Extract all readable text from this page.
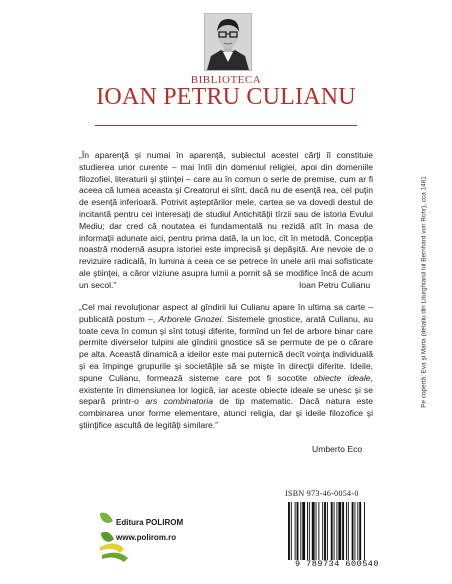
BIBLIOTECA
IOAN PETRU CULIANU

„În aparenţă şi numai în aparenţă, subiectul acestei cărţi îl constituie studierea unor curente – mai întîi din domeniul religiei, apoi din domeniile filozofiei, literaturii şi ştiinţei – care au în comun o serie de premise, cum ar fi aceea că lumea aceasta şi Creatorul ei sînt, dacă nu de esenţă rea, cel puţin de esenţă inferioară. Potrivit aşteptărilor mele, cartea se va dovedi destul de incitantă pentru cei interesaţi de studiul Antichităţii tîrzii sau de istoria Evului Mediu; dar cred că noutatea ei fundamentală nu rezidă atît în masa de informaţii adunate aici, pentru prima dată, la un loc, cît în metodă. Concepţia noastră modernă asupra istoriei este imprecisă şi depăşită. Are nevoie de o revizuire radicală, în lumina a ceea ce se petrece în unele arii mai sofisticate ale ştiinţei, a căror viziune asupra lumii a pornit să se modifice încă de acum un secol.”	Ioan Petru Culianu

„Cel mai revoluţionar aspect al gîndirii lui Culianu apare în ultima sa carte – publicată postum –, Arborele Gnozei. Sistemele gnostice, arată Culianu, au toate ceva în comun şi sînt totuşi diferite, formînd un fel de arbore binar care permite diverselor tulpini ale gîndirii gnostice să se permute de pe o cărare pe alta. Această dinamică a ideilor este mai puternică decît voinţa individuală şi ea împinge grupurile şi societăţile să se mişte în direcţii diferite. Ideile, spune Culianu, formează sisteme care pot fi socotite obiecte ideale, existente în dimensiunea lor logică, iar aceste obiecte ideale se unesc şi se separă printr-o ars combinatoria de tip matematic. Dacă natura este combinarea unor forme elementare, atunci religia, dar şi ideile filozofice şi ştiinţifice ascultă de legităţi similare.”

Umberto Eco
Editura POLIROM
www.polirom.ro
ISBN 973-46-0054-0
9 789734 600540
Pe copertă: Eva şi Maria (detaliu din Liturghiarul lui Bernhard von Rohr), cca 1481
